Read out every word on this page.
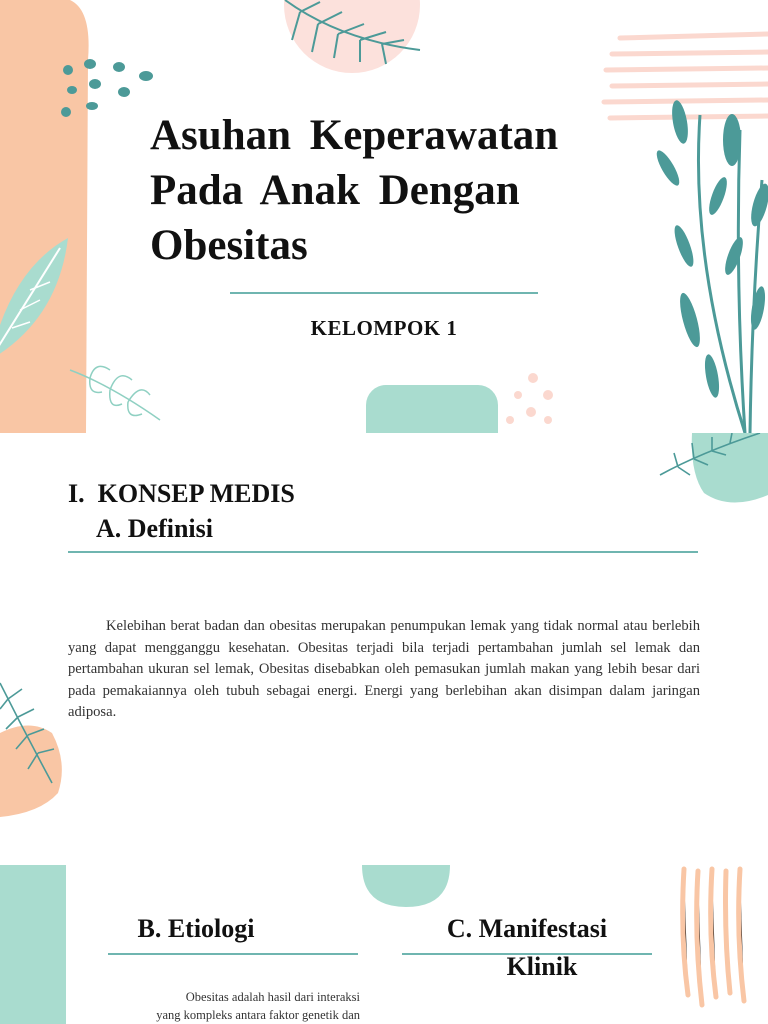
Asuhan Keperawatan Pada Anak Dengan Obesitas
KELOMPOK 1
I.  KONSEP MEDIS
A. Definisi
Kelebihan berat badan dan obesitas merupakan penumpukan lemak yang tidak normal atau berlebih yang dapat mengganggu kesehatan. Obesitas terjadi bila terjadi pertambahan jumlah sel lemak dan pertambahan ukuran sel lemak, Obesitas disebabkan oleh pemasukan jumlah makan yang lebih besar dari pada pemakaiannya oleh tubuh sebagai energi. Energi yang berlebihan akan disimpan dalam jaringan adiposa.
B. Etiologi
Obesitas adalah hasil dari interaksi
yang kompleks antara faktor genetik dan
C. Manifestasi
Klinik
